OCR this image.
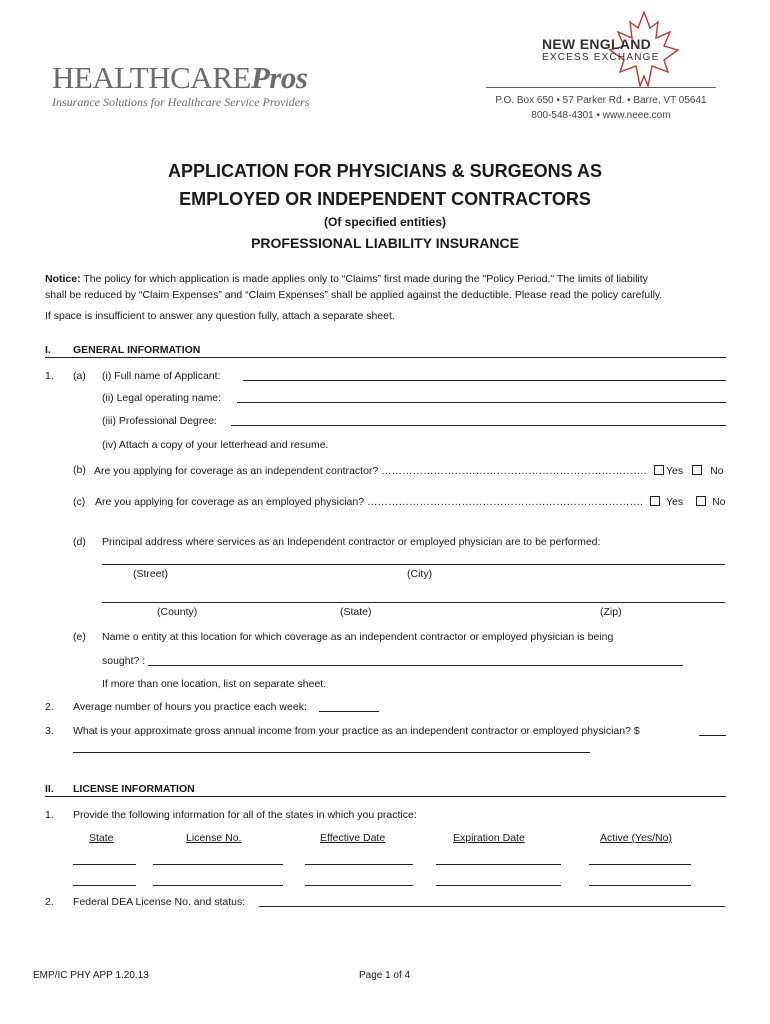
HEALTHCAREPros
Insurance Solutions for Healthcare Service Providers
NEW ENGLAND
EXCESS EXCHANGE
P.O. Box 650 • 57 Parker Rd. • Barre, VT 05641
800-548-4301 • www.neee.com
APPLICATION FOR PHYSICIANS & SURGEONS AS
EMPLOYED OR INDEPENDENT CONTRACTORS
(Of specified entities)
PROFESSIONAL LIABILITY INSURANCE
Notice: The policy for which application is made applies only to “Claims” first made during the "Policy Period." The limits of liability
shall be reduced by “Claim Expenses” and “Claim Expenses” shall be applied against the deductible. Please read the policy carefully.
If space is insufficient to answer any question fully, attach a separate sheet.
I. GENERAL INFORMATION
1. (a) (i) Full name of Applicant:
(ii) Legal operating name:
(iii) Professional Degree:
(iv) Attach a copy of your letterhead and resume.
(b) Are you applying for coverage as an independent contractor? ………………………………………………………………….	Yes	No
(c) Are you applying for coverage as an employed physician? …………………………………………………………………….	Yes	No
(d) Principal address where services as an Independent contractor or employed physician are to be performed:
(Street)	(City)
(County)	(State)	(Zip)
(e) Name o entity at this location for which coverage as an independent contractor or employed physician is being
sought? :
If more than one location, list on separate sheet.
2. Average number of hours you practice each week:
3. What is your approximate gross annual income from your practice as an independent contractor or employed physician? $
II. LICENSE INFORMATION
1. Provide the following information for all of the states in which you practice:
State	License No.	Effective Date	Expiration Date	Active (Yes/No)
2. Federal DEA License No. and status:
EMP/IC PHY APP 1.20.13	Page 1 of 4
